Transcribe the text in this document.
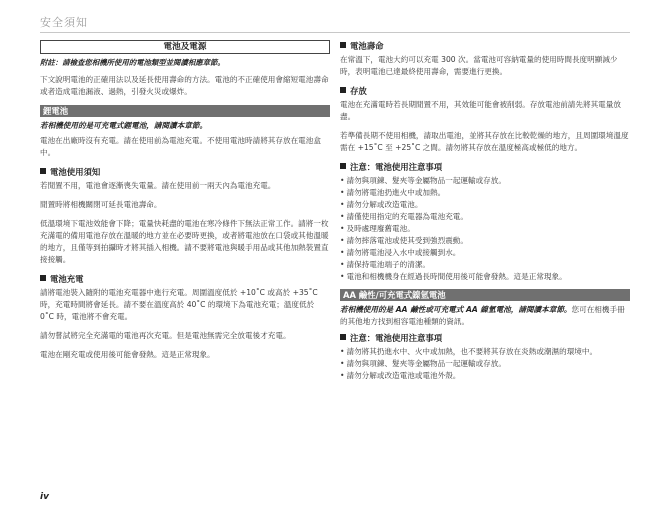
安全須知
電池及電源
附註：請檢查您相機所使用的電池類型並閱讀相應章節。

下文說明電池的正確用法以及延長使用壽命的方法。電池的不正確使用會縮短電池壽命或者造成電池漏液、過熱，引發火災或爆炸。

鋰電池

若相機使用的是可充電式鋰電池，請閱讀本章節。

電池在出廠時沒有充電。請在使用前為電池充電。不使用電池時請將其存放在電池盒中。

電池使用須知

若閒置不用，電池會逐漸喪失電量。請在使用前一兩天內為電池充電。

閒置時將相機關閉可延長電池壽命。

低溫環境下電池效能會下降；電量快耗盡的電池在寒冷條件下無法正常工作。請將一枚充滿電的備用電池存放在溫暖的地方並在必要時更換，或者將電池放在口袋或其他溫暖的地方，且僅等到拍攝時才將其插入相機。請不要將電池與暖手用品或其他加熱裝置直接接觸。

電池充電

請將電池裝入隨附的電池充電器中進行充電。周圍溫度低於 +10˚C 或高於 +35˚C 時，充電時間將會延長。請不要在溫度高於 40˚C 的環境下為電池充電；溫度低於 0˚C 時，電池將不會充電。

請勿嘗試將完全充滿電的電池再次充電。但是電池無需完全放電後才充電。

電池在剛充電或使用後可能會發熱。這是正常現象。

電池壽命

在常溫下，電池大約可以充電 300 次。當電池可容納電量的使用時間長度明顯減少時，表明電池已達最終使用壽命，需要進行更換。

存放

電池在充滿電時若長期閒置不用，其效能可能會被削弱。存放電池前請先將其電量放盡。

若準備長期不使用相機，請取出電池，並將其存放在比較乾燥的地方，且周圍環境溫度需在 +15˚C 至 +25˚C 之間。請勿將其存放在溫度極高或極低的地方。

注意：電池使用注意事項
• 請勿與項鍊、髮夾等金屬物品一起運輸或存放。
• 請勿將電池扔進火中或加熱。
• 請勿分解或改造電池。
• 請僅使用指定的充電器為電池充電。
• 及時處理廢舊電池。
• 請勿摔落電池或使其受到強烈震動。
• 請勿將電池浸入水中或接觸到水。
• 請保持電池端子的清潔。
• 電池和相機機身在經過長時間使用後可能會發熱。這是正常現象。
AA 鹼性/可充電式鎳氫電池

若相機使用的是 AA 鹼性或可充電式 AA 鎳氫電池，請閱讀本章節。您可在相機手冊的其他地方找到相容電池種類的資訊。

注意：電池使用注意事項
• 請勿將其扔進水中、火中或加熱，也不要將其存放在炎熱或潮濕的環境中。
• 請勿與項鍊、髮夾等金屬物品一起運輸或存放。
• 請勿分解或改造電池或電池外殼。
iv
